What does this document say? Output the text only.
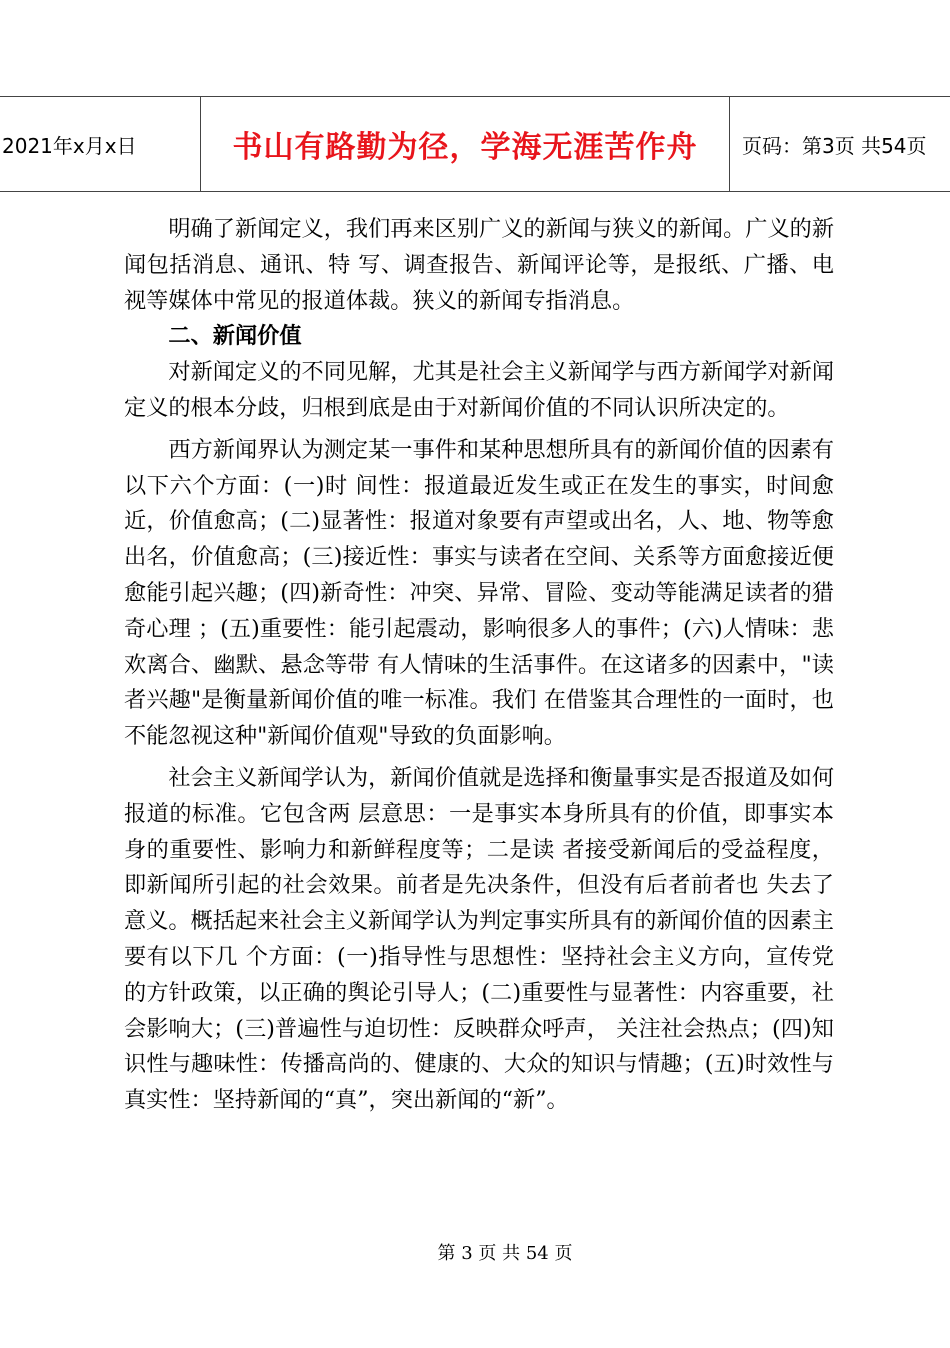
2021年x月x日	书山有路勤为径，学海无涯苦作舟	页码：第3页 共54页

明确了新闻定义，我们再来区别广义的新闻与狭义的新闻。广义的新闻包括消息、通讯、特 写、调查报告、新闻评论等，是报纸、广播、电视等媒体中常见的报道体裁。狭义的新闻专指消息。

二、新闻价值

对新闻定义的不同见解，尤其是社会主义新闻学与西方新闻学对新闻定义的根本分歧，归根到底是由于对新闻价值的不同认识所决定的。

西方新闻界认为测定某一事件和某种思想所具有的新闻价值的因素有以下六个方面：(一)时 间性：报道最近发生或正在发生的事实，时间愈近，价值愈高；(二)显著性：报道对象要有声望或出名，人、地、物等愈出名，价值愈高；(三)接近性：事实与读者在空间、关系等方面愈接近便愈能引起兴趣；(四)新奇性：冲突、异常、冒险、变动等能满足读者的猎奇心理 ；(五)重要性：能引起震动，影响很多人的事件；(六)人情味：悲欢离合、幽默、悬念等带 有人情味的生活事件。在这诸多的因素中，"读者兴趣"是衡量新闻价值的唯一标准。我们 在借鉴其合理性的一面时，也不能忽视这种"新闻价值观"导致的负面影响。

社会主义新闻学认为，新闻价值就是选择和衡量事实是否报道及如何报道的标准。它包含两 层意思：一是事实本身所具有的价值，即事实本身的重要性、影响力和新鲜程度等；二是读 者接受新闻后的受益程度，即新闻所引起的社会效果。前者是先决条件，但没有后者前者也 失去了意义。概括起来社会主义新闻学认为判定事实所具有的新闻价值的因素主要有以下几 个方面：(一)指导性与思想性：坚持社会主义方向，宣传党的方针政策，以正确的舆论引导人；(二)重要性与显著性：内容重要，社会影响大；(三)普遍性与迫切性：反映群众呼声， 关注社会热点；(四)知识性与趣味性：传播高尚的、健康的、大众的知识与情趣；(五)时效性与真实性：坚持新闻的“真”，突出新闻的“新”。

第 3 页 共 54 页
